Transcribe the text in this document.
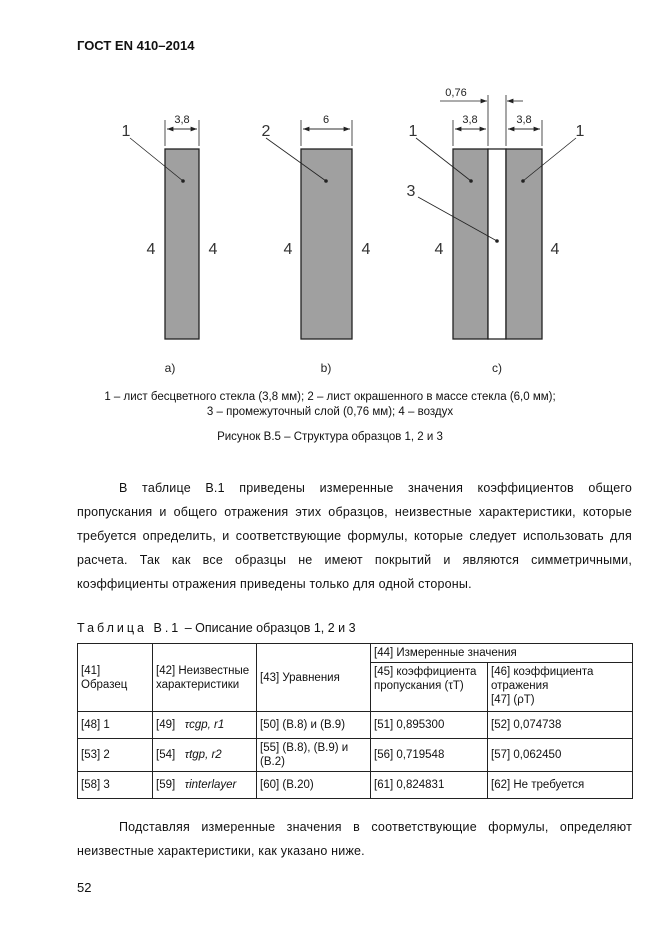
ГОСТ EN 410–2014
3,8	6	3,8	3,8
0,76
1	2	1	1
3
4	4	4	4	4	4
a)	b)	c)
1 – лист бесцветного стекла (3,8 мм); 2 – лист окрашенного в массе стекла (6,0 мм);
3 – промежуточный слой (0,76 мм); 4 – воздух
Рисунок В.5 – Структура образцов 1, 2 и 3

В таблице В.1 приведены измеренные значения коэффициентов общего пропускания и общего отражения этих образцов, неизвестные характеристики, которые требуется определить, и соответствующие формулы, которые следует использовать для расчета. Так как все образцы не имеют покрытий и являются симметричными, коэффициенты отражения приведены только для одной стороны.

Таблица В.1 – Описание образцов 1, 2 и 3
[41] Образец	[42] Неизвестные характеристики	[43] Уравнения	[44] Измеренные значения	
			[45] коэффициента пропускания (τT)	[46] коэффициента отражения
[47] (ρT)
[48] 1	[49] τcgp, r1	[50] (В.8) и (В.9)	[51] 0,895300	[52] 0,074738
[53] 2	[54] τtgp, r2	[55] (В.8), (В.9) и (В.2)	[56] 0,719548	[57] 0,062450
[58] 3	[59] τinterlayer	[60] (В.20)	[61] 0,824831	[62] Не требуется

Подставляя измеренные значения в соответствующие формулы, определяют неизвестные характеристики, как указано ниже.

52
